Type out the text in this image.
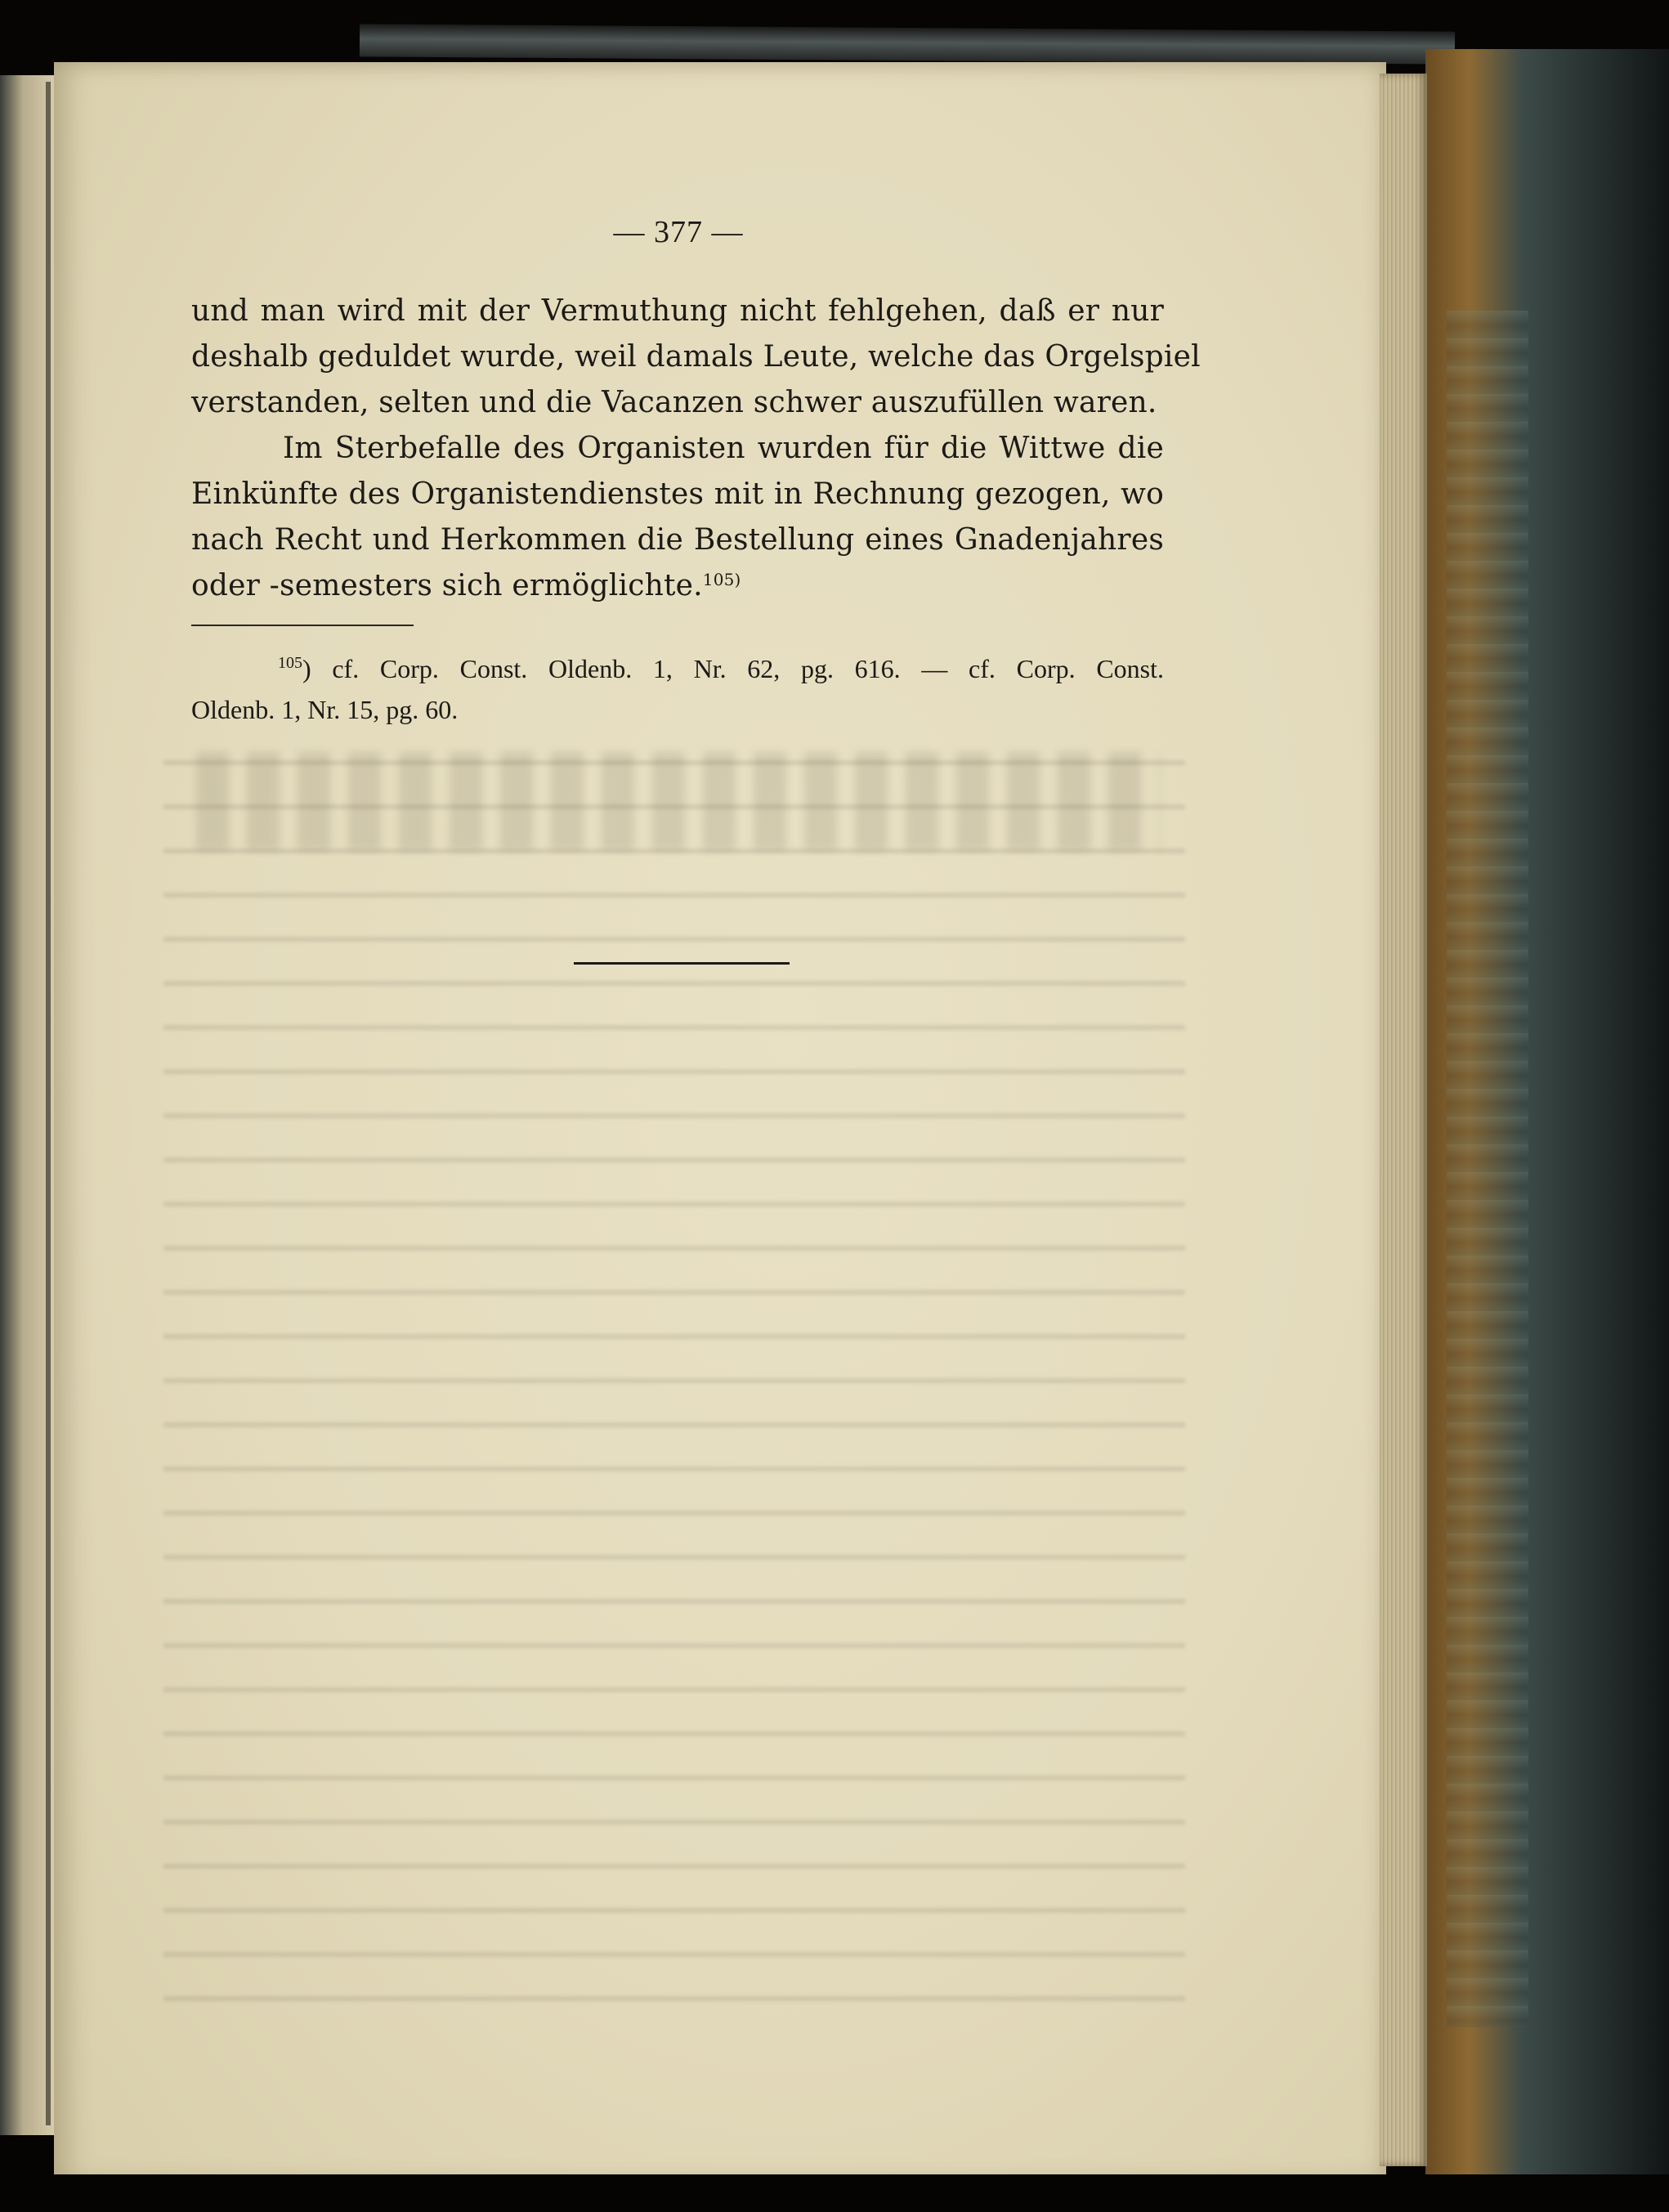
— 377 —
und man wird mit der Vermuthung nicht fehlgehen, daß er nur
deshalb geduldet wurde, weil damals Leute, welche das Orgelspiel
verstanden, selten und die Vacanzen schwer auszufüllen waren.
Im Sterbefalle des Organisten wurden für die Wittwe die
Einkünfte des Organistendienstes mit in Rechnung gezogen, wo
nach Recht und Herkommen die Bestellung eines Gnadenjahres
oder -semesters sich ermöglichte.$^{105)}$
$^{105}$) cf. Corp. Const. Oldenb. 1, Nr. 62, pg. 616. — cf. Corp. Const.
Oldenb. 1, Nr. 15, pg. 60.
